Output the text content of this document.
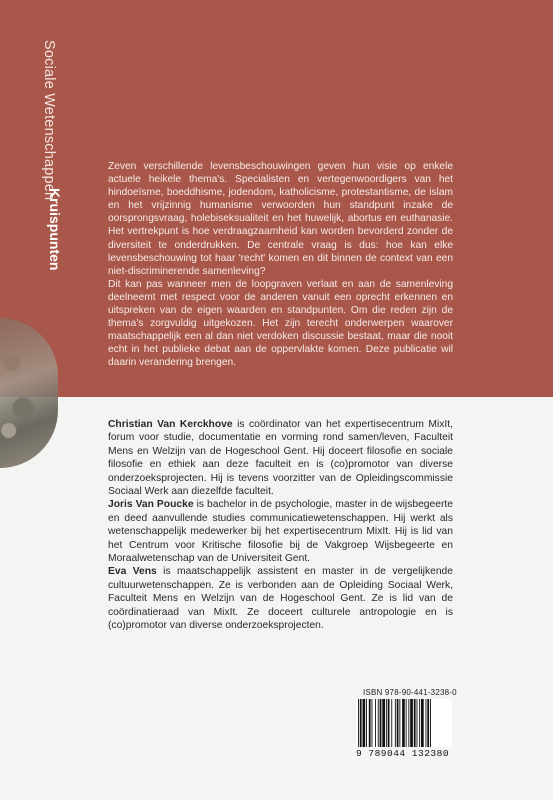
Sociale Wetenschappen
Kruispunten

Zeven verschillende levensbeschouwingen geven hun visie op enkele actuele heikele thema's. Specialisten en vertegenwoordigers van het hindoeïsme, boeddhisme, jodendom, katholicisme, protestantisme, de islam en het vrijzinnig humanisme verwoorden hun standpunt inzake de oorsprongsvraag, holebiseksualiteit en het huwelijk, abortus en euthanasie. Het vertrekpunt is hoe verdraagzaamheid kan worden bevorderd zonder de diversiteit te onderdrukken. De centrale vraag is dus: hoe kan elke levensbeschouwing tot haar 'recht' komen en dit binnen de context van een niet-discriminerende samenleving?

Dit kan pas wanneer men de loopgraven verlaat en aan de samenleving deelneemt met respect voor de anderen vanuit een oprecht erkennen en uitspreken van de eigen waarden en standpunten. Om die reden zijn de thema's zorgvuldig uitgekozen. Het zijn terecht onderwerpen waarover maatschappelijk een al dan niet verdoken discussie bestaat, maar die nooit echt in het publieke debat aan de oppervlakte komen. Deze publicatie wil daarin verandering brengen.

Christian Van Kerckhove is coördinator van het expertisecentrum MixIt, forum voor studie, documentatie en vorming rond samen/leven, Faculteit Mens en Welzijn van de Hogeschool Gent. Hij doceert filosofie en sociale filosofie en ethiek aan deze faculteit en is (co)promotor van diverse onderzoeksprojecten. Hij is tevens voorzitter van de Opleidingscommissie Sociaal Werk aan diezelfde faculteit.

Joris Van Poucke is bachelor in de psychologie, master in de wijsbegeerte en deed aanvullende studies communicatiewetenschappen. Hij werkt als wetenschappelijk medewerker bij het expertisecentrum MixIt. Hij is lid van het Centrum voor Kritische filosofie bij de Vakgroep Wijsbegeerte en Moraalwetenschap van de Universiteit Gent.

Eva Vens is maatschappelijk assistent en master in de vergelijkende cultuurwetenschappen. Ze is verbonden aan de Opleiding Sociaal Werk, Faculteit Mens en Welzijn van de Hogeschool Gent. Ze is lid van de coördinatieraad van MixIt. Ze doceert culturele antropologie en is (co)promotor van diverse onderzoeksprojecten.

ISBN 978-90-441-3238-0
9 789044 132380
